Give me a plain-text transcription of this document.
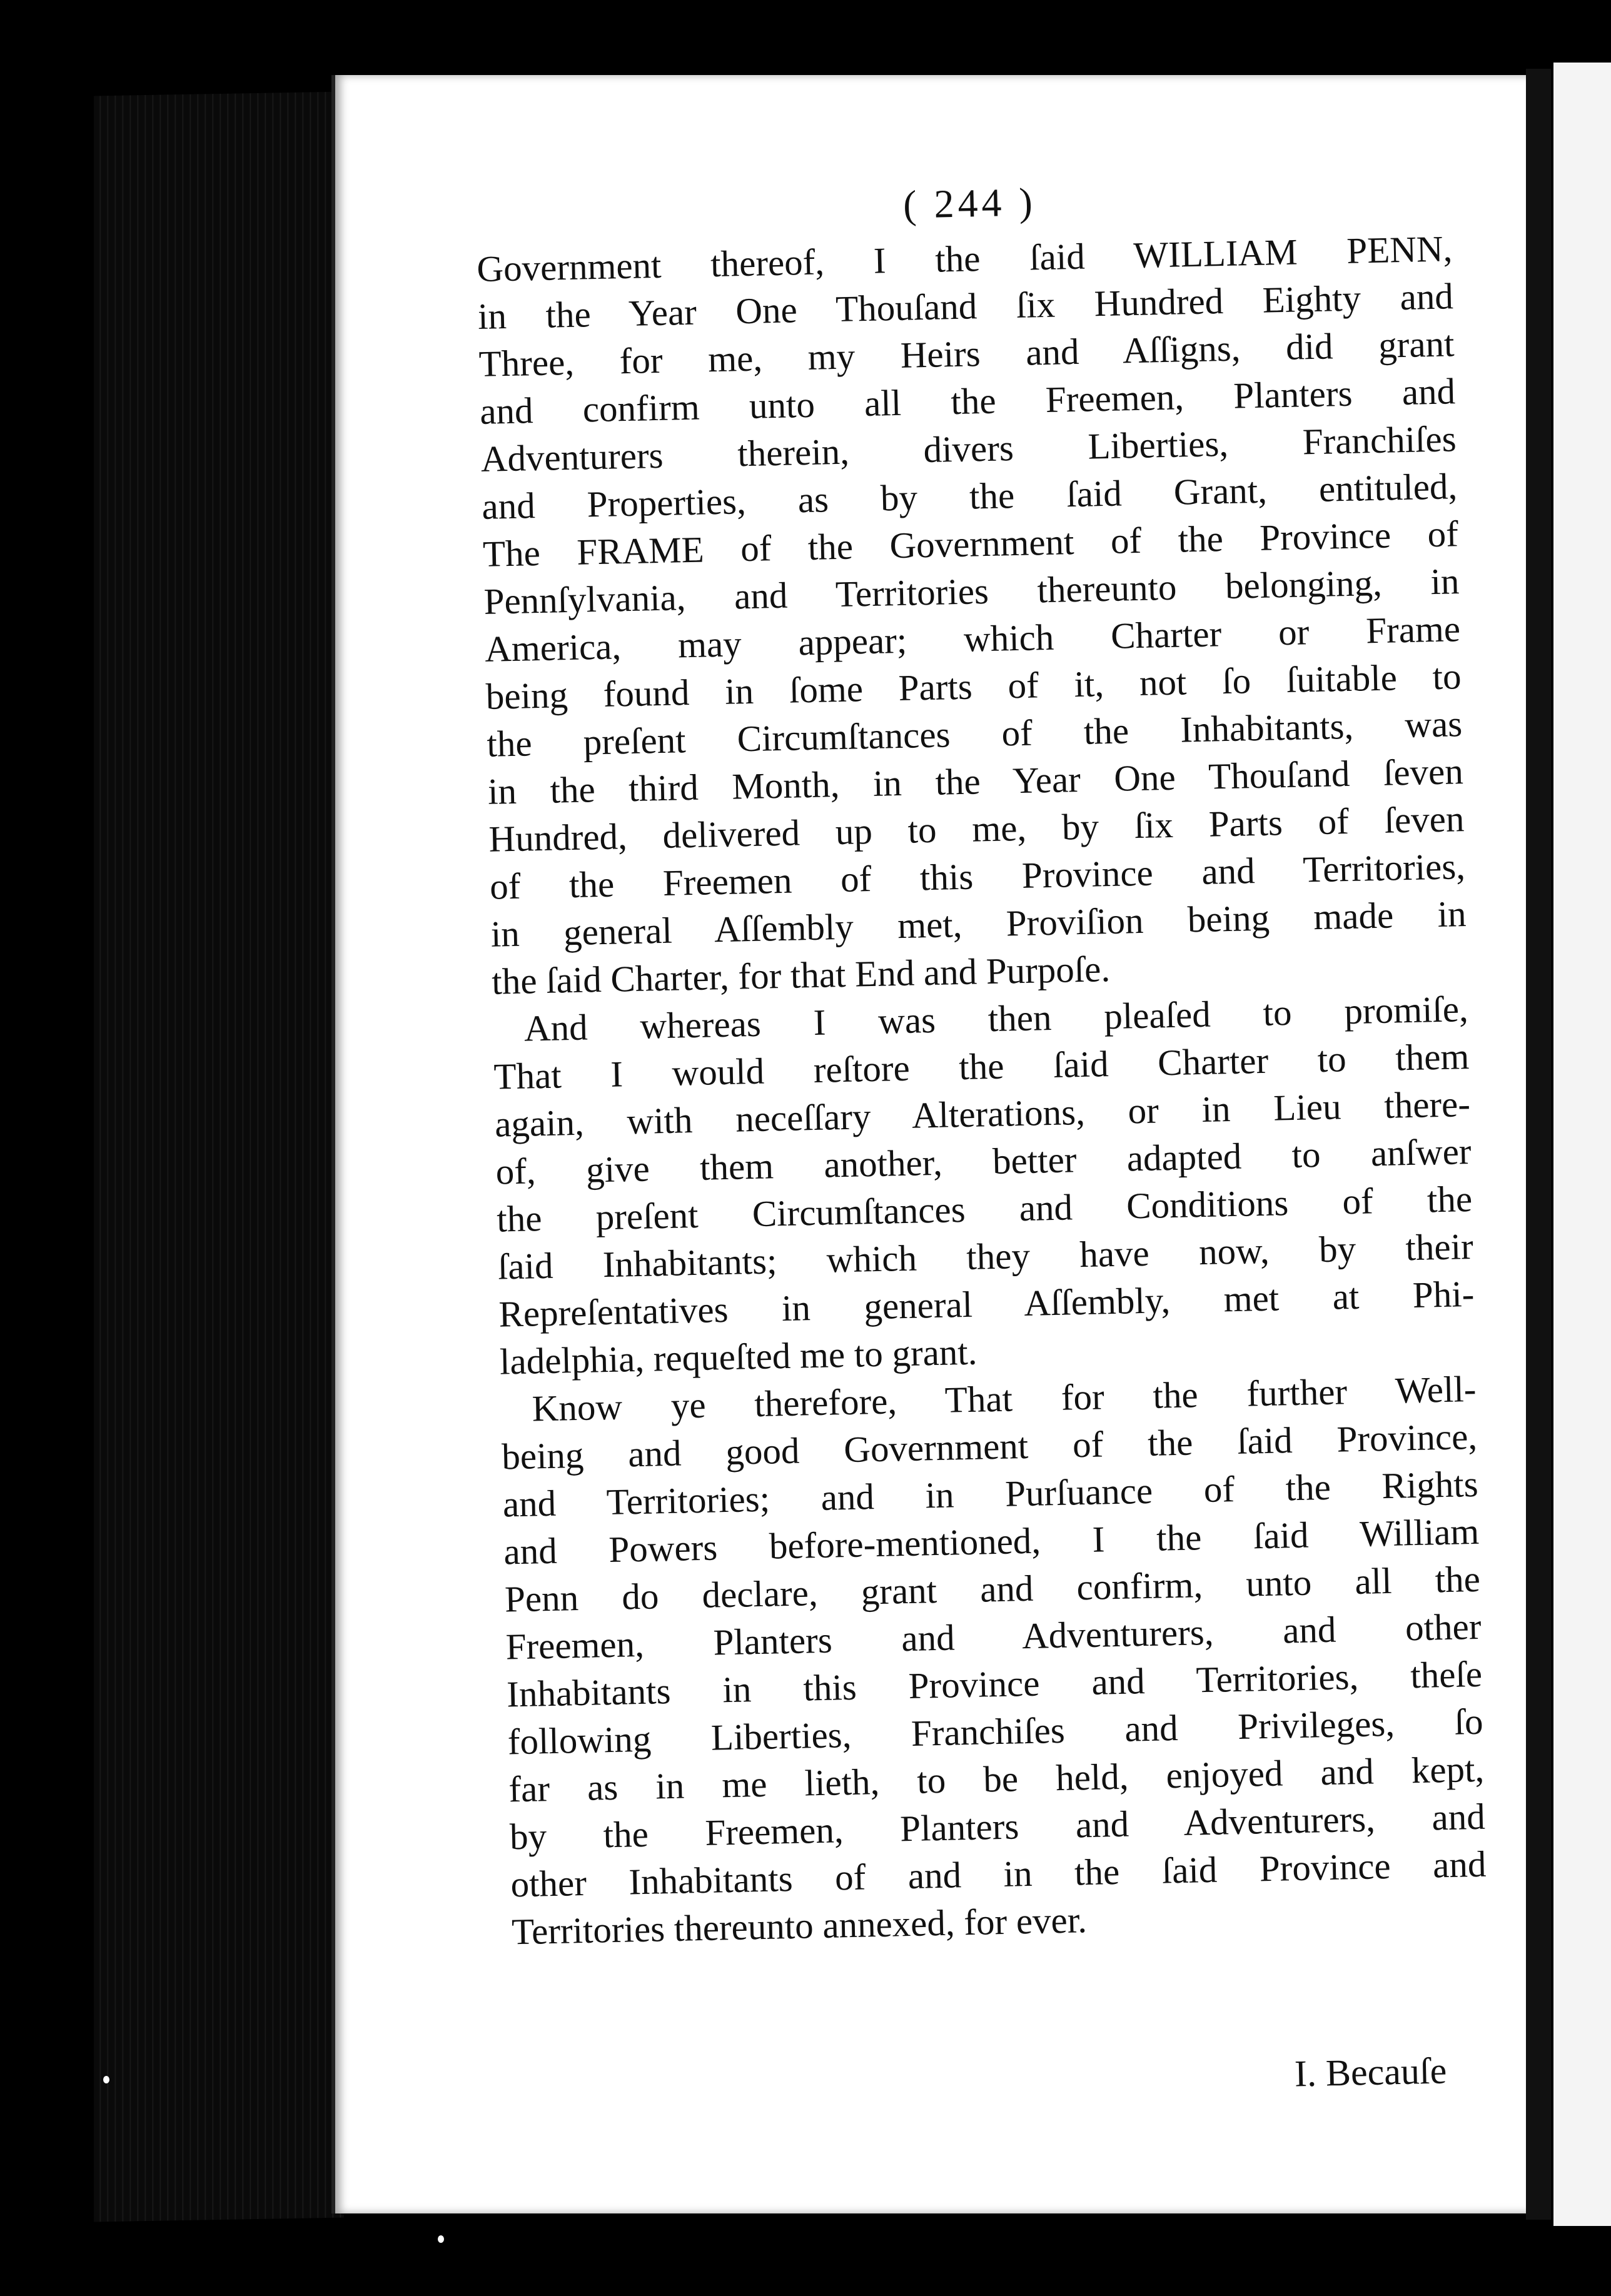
( 244 )
Government thereof, I the ſaid WILLIAM PENN,
in the Year One Thouſand ſix Hundred Eighty and
Three, for me, my Heirs and Aſſigns, did grant
and confirm unto all the Freemen, Planters and
Adventurers therein, divers Liberties, Franchiſes
and Properties, as by the ſaid Grant, entituled,
The FRAME of the Government of the Province of
Pennſylvania, and Territories thereunto belonging, in
America, may appear; which Charter or Frame
being found in ſome Parts of it, not ſo ſuitable to
the preſent Circumſtances of the Inhabitants, was
in the third Month, in the Year One Thouſand ſeven
Hundred, delivered up to me, by ſix Parts of ſeven
of the Freemen of this Province and Territories,
in general Aſſembly met, Proviſion being made in
the ſaid Charter, for that End and Purpoſe.
And whereas I was then pleaſed to promiſe,
That I would reſtore the ſaid Charter to them
again, with neceſſary Alterations, or in Lieu there-
of, give them another, better adapted to anſwer
the preſent Circumſtances and Conditions of the
ſaid Inhabitants; which they have now, by their
Repreſentatives in general Aſſembly, met at Phi-
ladelphia, requeſted me to grant.
Know ye therefore, That for the further Well-
being and good Government of the ſaid Province,
and Territories; and in Purſuance of the Rights
and Powers before-mentioned, I the ſaid William
Penn do declare, grant and confirm, unto all the
Freemen, Planters and Adventurers, and other
Inhabitants in this Province and Territories, theſe
following Liberties, Franchiſes and Privileges, ſo
far as in me lieth, to be held, enjoyed and kept,
by the Freemen, Planters and Adventurers, and
other Inhabitants of and in the ſaid Province and
Territories thereunto annexed, for ever.
I. Becauſe
